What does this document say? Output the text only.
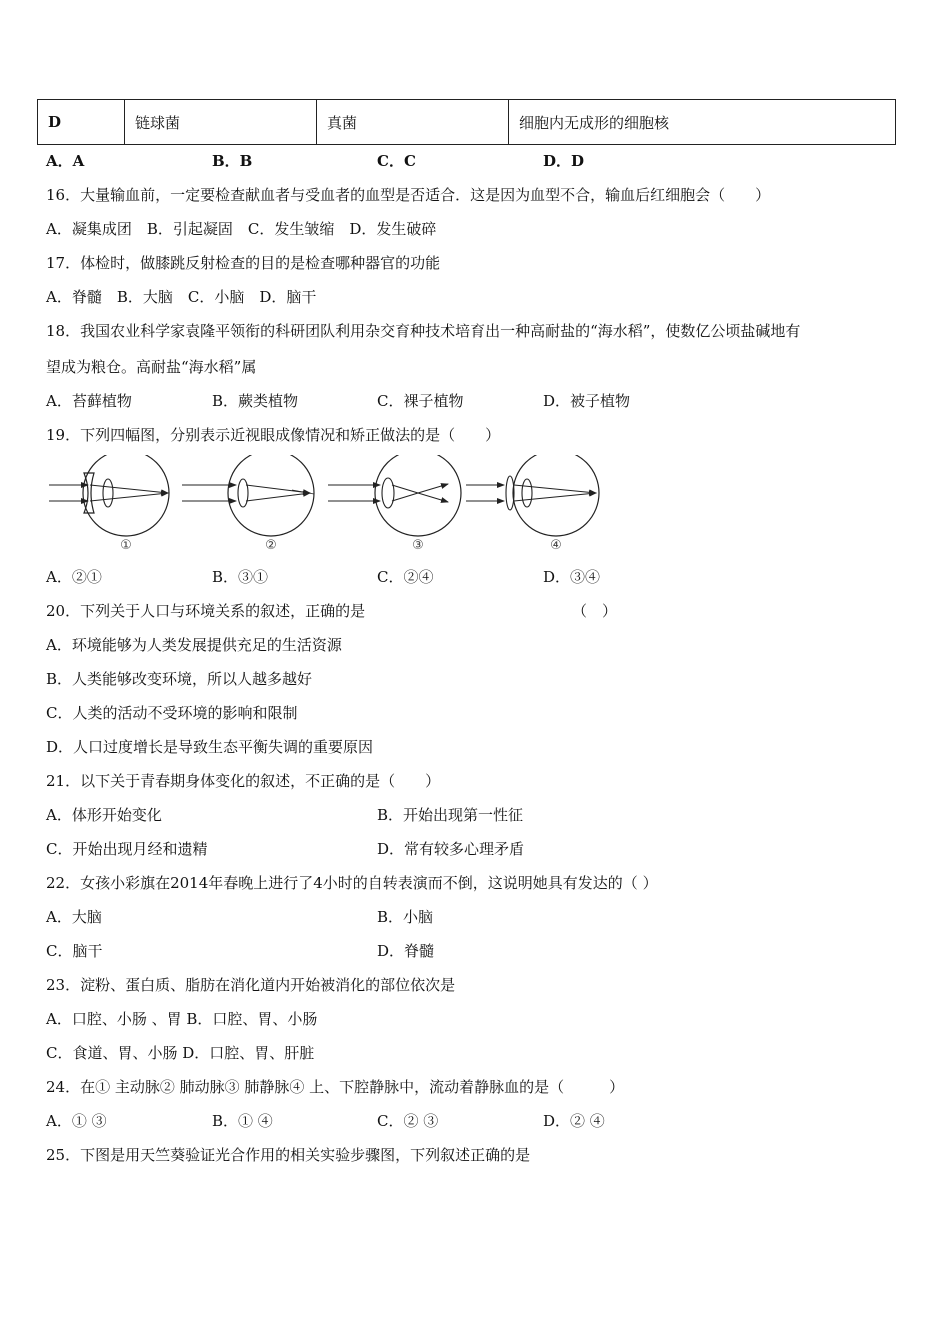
D	链球菌	真菌	细胞内无成形的细胞核
A．A	B．B	C．C	D．D
16．大量输血前，一定要检查献血者与受血者的血型是否适合．这是因为血型不合，输血后红细胞会（　　）
A．凝集成团　B．引起凝固　C．发生皱缩　D．发生破碎
17．体检时，做膝跳反射检查的目的是检查哪种器官的功能
A．脊髓　B．大脑　C．小脑　D．脑干
18．我国农业科学家袁隆平领衔的科研团队利用杂交育种技术培育出一种高耐盐的“海水稻”，使数亿公顷盐碱地有
望成为粮仓。高耐盐“海水稻”属
A．苔藓植物	B．蕨类植物	C．裸子植物	D．被子植物
19．下列四幅图，分别表示近视眼成像情况和矫正做法的是（　　）
①	②	③	④
A．②①	B．③①	C．②④	D．③④
20．下列关于人口与环境关系的叙述，正确的是	（　）
A．环境能够为人类发展提供充足的生活资源
B．人类能够改变环境，所以人越多越好
C．人类的活动不受环境的影响和限制
D．人口过度增长是导致生态平衡失调的重要原因
21．以下关于青春期身体变化的叙述，不正确的是（　　）
A．体形开始变化	B．开始出现第一性征
C．开始出现月经和遗精	D．常有较多心理矛盾
22．女孩小彩旗在2014年春晚上进行了4小时的自转表演而不倒，这说明她具有发达的（ ）
A．大脑	B．小脑
C．脑干	D．脊髓
23．淀粉、蛋白质、脂肪在消化道内开始被消化的部位依次是
A．口腔、小肠 、胃 B．口腔、胃、小肠
C．食道、胃、小肠 D．口腔、胃、肝脏
24．在① 主动脉② 肺动脉③ 肺静脉④ 上、下腔静脉中，流动着静脉血的是（　　　）
A．① ③	B．① ④	C．② ③	D．② ④
25．下图是用天竺葵验证光合作用的相关实验步骤图，下列叙述正确的是
